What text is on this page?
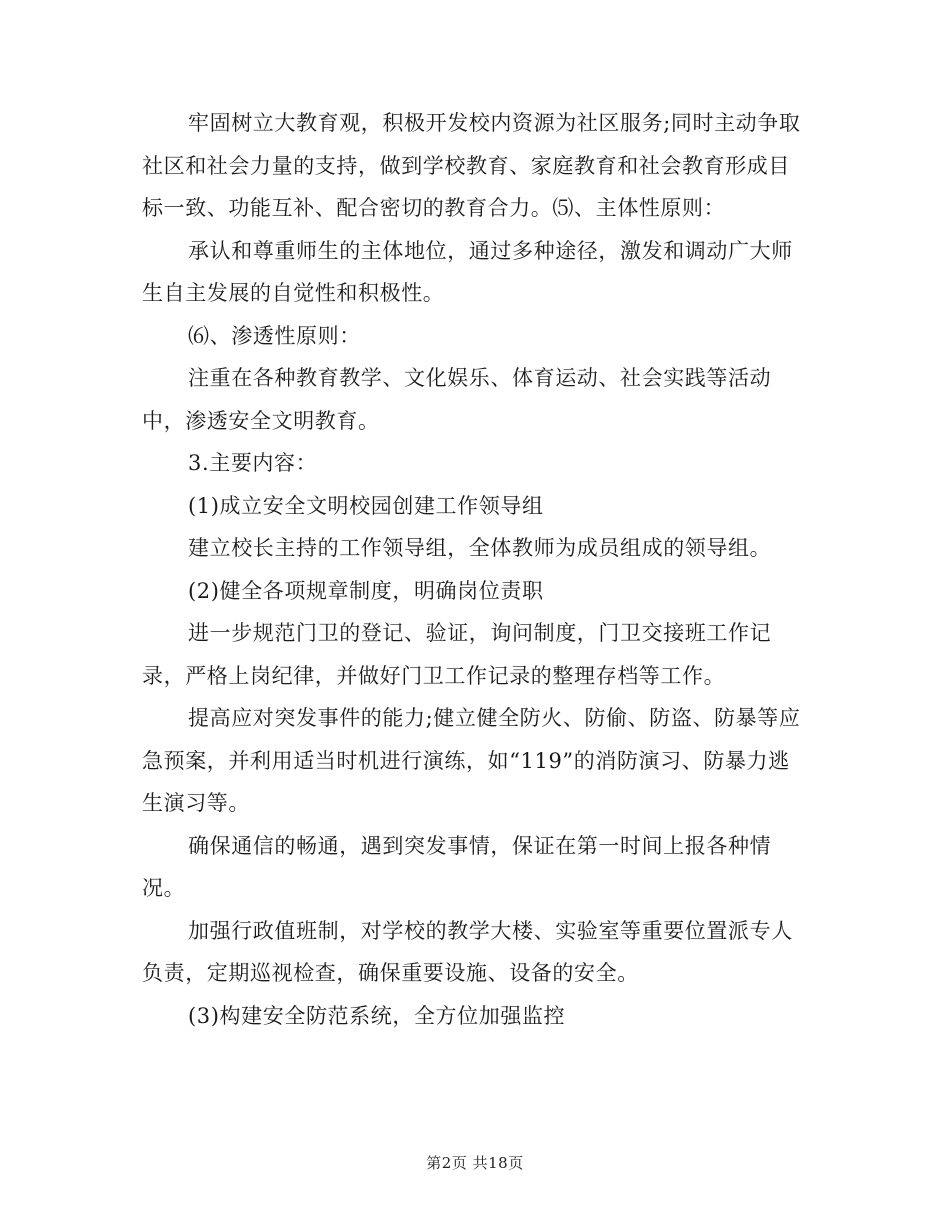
牢固树立大教育观，积极开发校内资源为社区服务;同时主动争取
社区和社会力量的支持，做到学校教育、家庭教育和社会教育形成目
标一致、功能互补、配合密切的教育合力。⑸、主体性原则：
承认和尊重师生的主体地位，通过多种途径，激发和调动广大师
生自主发展的自觉性和积极性。
⑹、渗透性原则：
注重在各种教育教学、文化娱乐、体育运动、社会实践等活动
中，渗透安全文明教育。
3.主要内容：
(1)成立安全文明校园创建工作领导组
建立校长主持的工作领导组，全体教师为成员组成的领导组。
(2)健全各项规章制度，明确岗位责职
进一步规范门卫的登记、验证，询问制度，门卫交接班工作记
录，严格上岗纪律，并做好门卫工作记录的整理存档等工作。
提高应对突发事件的能力;健立健全防火、防偷、防盗、防暴等应
急预案，并利用适当时机进行演练，如“119”的消防演习、防暴力逃
生演习等。
确保通信的畅通，遇到突发事情，保证在第一时间上报各种情
况。
加强行政值班制，对学校的教学大楼、实验室等重要位置派专人
负责，定期巡视检查，确保重要设施、设备的安全。
(3)构建安全防范系统，全方位加强监控
第2页 共18页
